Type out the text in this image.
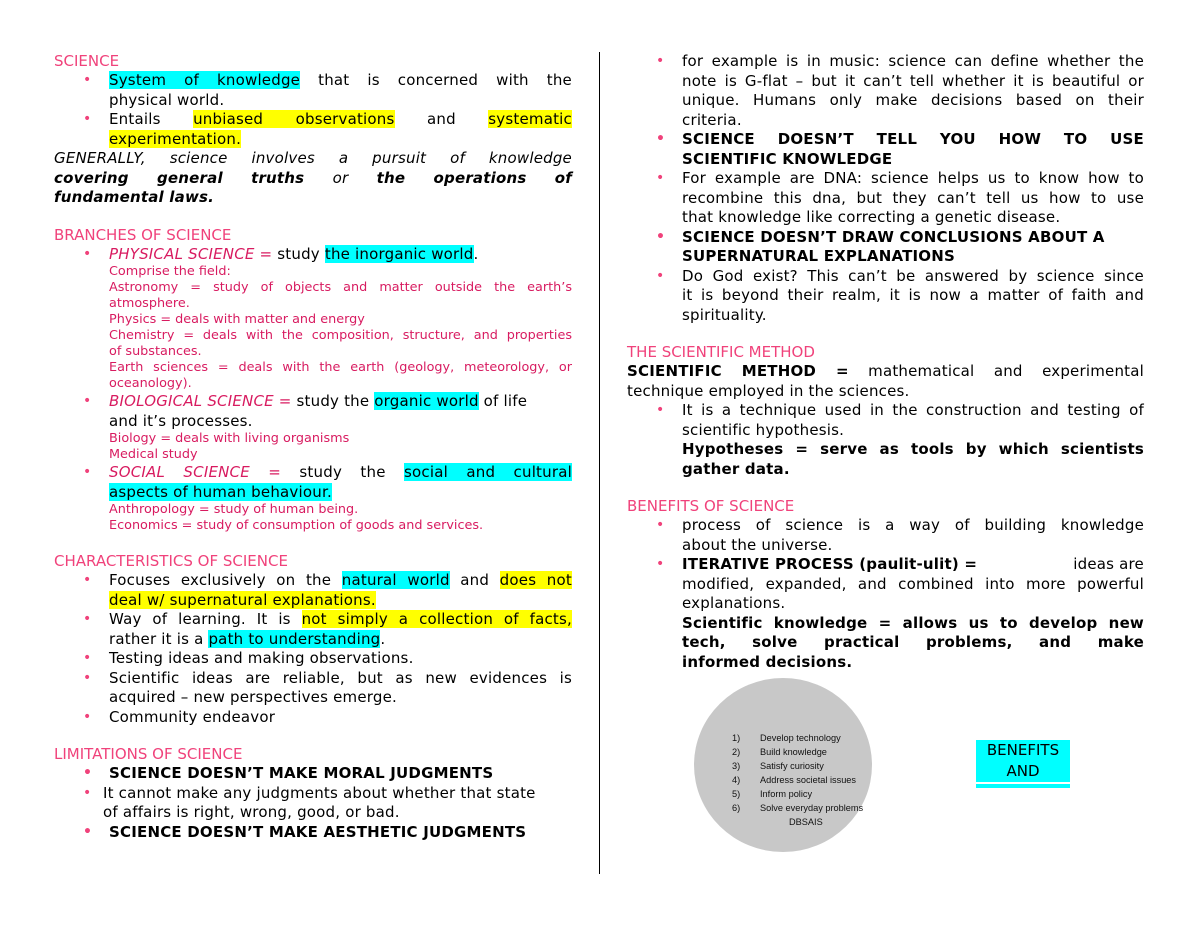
SCIENCE
• System of knowledge that is concerned with the
physical world.
• Entails unbiased observations and systematic
experimentation.
GENERALLY, science involves a pursuit of knowledge
covering general truths or the operations of
fundamental laws.
BRANCHES OF SCIENCE
• PHYSICAL SCIENCE = study the inorganic world.
Comprise the field:
Astronomy = study of objects and matter outside the earth’s
atmosphere.
Physics = deals with matter and energy
Chemistry = deals with the composition, structure, and properties
of substances.
Earth sciences = deals with the earth (geology, meteorology, or
oceanology).
• BIOLOGICAL SCIENCE = study the organic world of life
and it’s processes.
Biology = deals with living organisms
Medical study
• SOCIAL SCIENCE = study the social and cultural
aspects of human behaviour.
Anthropology = study of human being.
Economics = study of consumption of goods and services.
CHARACTERISTICS OF SCIENCE
• Focuses exclusively on the natural world and does not
deal w/ supernatural explanations.
• Way of learning. It is not simply a collection of facts,
rather it is a path to understanding.
• Testing ideas and making observations.
• Scientific ideas are reliable, but as new evidences is
acquired – new perspectives emerge.
• Community endeavor
LIMITATIONS OF SCIENCE
• SCIENCE DOESN’T MAKE MORAL JUDGMENTS
• It cannot make any judgments about whether that state
of affairs is right, wrong, good, or bad.
• SCIENCE DOESN’T MAKE AESTHETIC JUDGMENTS
• for example is in music: science can define whether the
note is G-flat – but it can’t tell whether it is beautiful or
unique. Humans only make decisions based on their
criteria.
• SCIENCE DOESN’T TELL YOU HOW TO USE
SCIENTIFIC KNOWLEDGE
• For example are DNA: science helps us to know how to
recombine this dna, but they can’t tell us how to use
that knowledge like correcting a genetic disease.
• SCIENCE DOESN’T DRAW CONCLUSIONS ABOUT A
SUPERNATURAL EXPLANATIONS
• Do God exist? This can’t be answered by science since
it is beyond their realm, it is now a matter of faith and
spirituality.
THE SCIENTIFIC METHOD
SCIENTIFIC METHOD = mathematical and experimental
technique employed in the sciences.
• It is a technique used in the construction and testing of
scientific hypothesis.
Hypotheses = serve as tools by which scientists
gather data.
BENEFITS OF SCIENCE
• process of science is a way of building knowledge
about the universe.
• ITERATIVE PROCESS (paulit-ulit) =	ideas are
modified, expanded, and combined into more powerful
explanations.
Scientific knowledge = allows us to develop new
tech, solve practical problems, and make
informed decisions.
1) Develop technology
2) Build knowledge
3) Satisfy curiosity
4) Address societal issues
5) Inform policy
6) Solve everyday problems
DBSAIS
BENEFITS
AND
